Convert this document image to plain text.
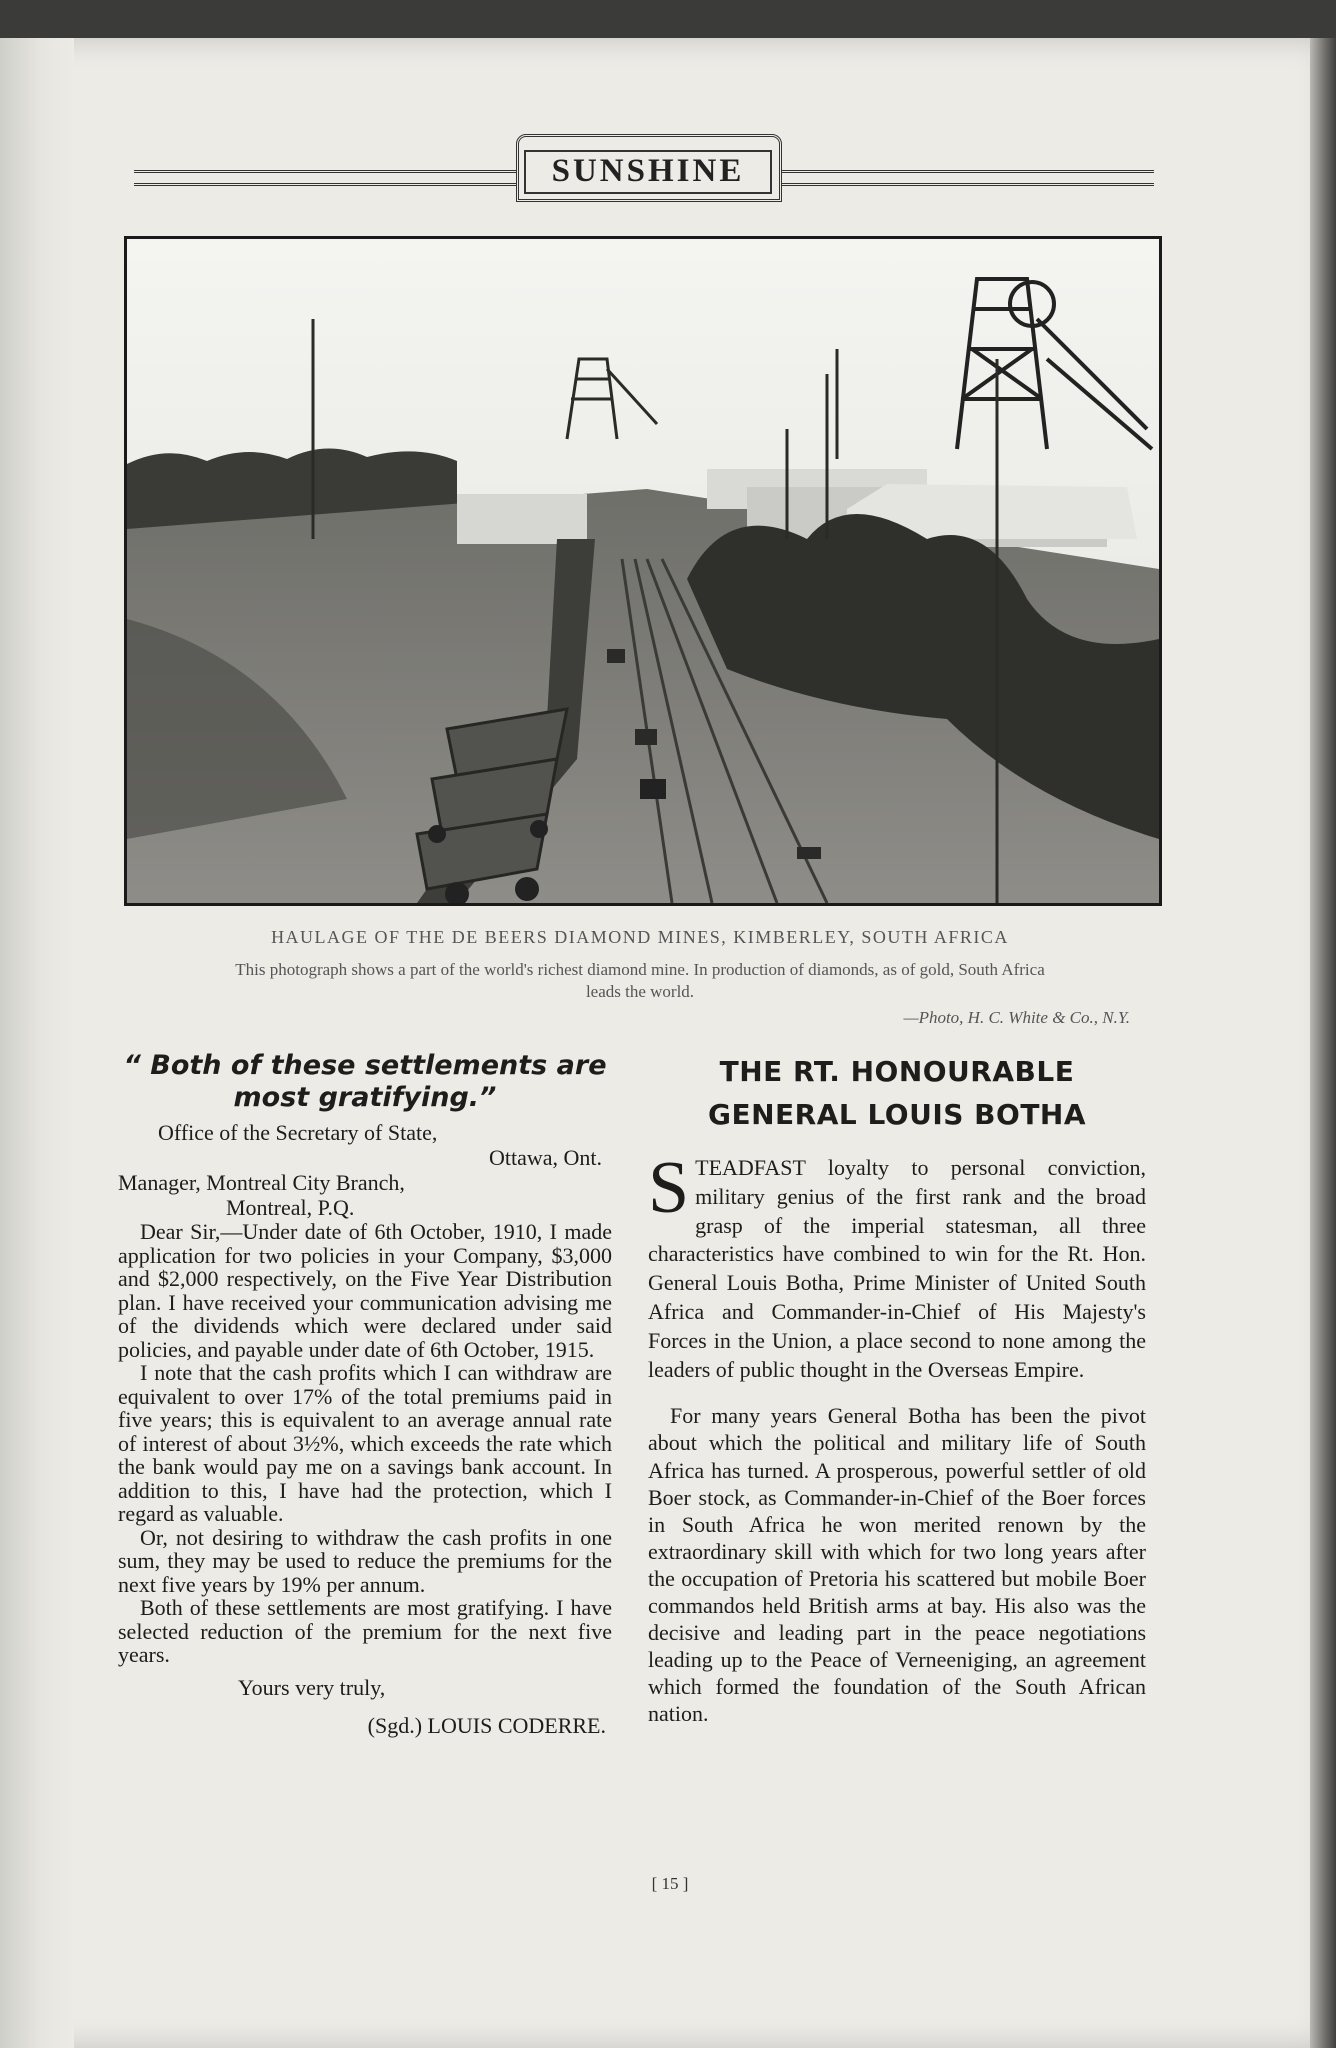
SUNSHINE
HAULAGE OF THE DE BEERS DIAMOND MINES, KIMBERLEY, SOUTH AFRICA
This photograph shows a part of the world's richest diamond mine. In production of diamonds, as of gold, South Africa leads the world.
—Photo, H. C. White & Co., N.Y.
“ Both of these settlements are most gratifying.”
Office of the Secretary of State,
Ottawa, Ont.
Manager, Montreal City Branch,
Montreal, P.Q.

Dear Sir,—Under date of 6th October, 1910, I made application for two policies in your Company, $3,000 and $2,000 respectively, on the Five Year Distribution plan. I have received your communication advising me of the dividends which were declared under said policies, and payable under date of 6th October, 1915.

I note that the cash profits which I can withdraw are equivalent to over 17% of the total premiums paid in five years; this is equivalent to an average annual rate of interest of about 3½%, which exceeds the rate which the bank would pay me on a savings bank account. In addition to this, I have had the protection, which I regard as valuable.

Or, not desiring to withdraw the cash profits in one sum, they may be used to reduce the premiums for the next five years by 19% per annum.

Both of these settlements are most gratifying. I have selected reduction of the premium for the next five years.

Yours very truly,
(Sgd.) LOUIS CODERRE.
THE RT. HONOURABLE
GENERAL LOUIS BOTHA

STEADFAST loyalty to personal conviction, military genius of the first rank and the broad grasp of the imperial statesman, all three characteristics have combined to win for the Rt. Hon. General Louis Botha, Prime Minister of United South Africa and Commander-in-Chief of His Majesty's Forces in the Union, a place second to none among the leaders of public thought in the Overseas Empire.

For many years General Botha has been the pivot about which the political and military life of South Africa has turned. A prosperous, powerful settler of old Boer stock, as Commander-in-Chief of the Boer forces in South Africa he won merited renown by the extraordinary skill with which for two long years after the occupation of Pretoria his scattered but mobile Boer commandos held British arms at bay. His also was the decisive and leading part in the peace negotiations leading up to the Peace of Verneeniging, an agreement which formed the foundation of the South African nation.

[ 15 ]
